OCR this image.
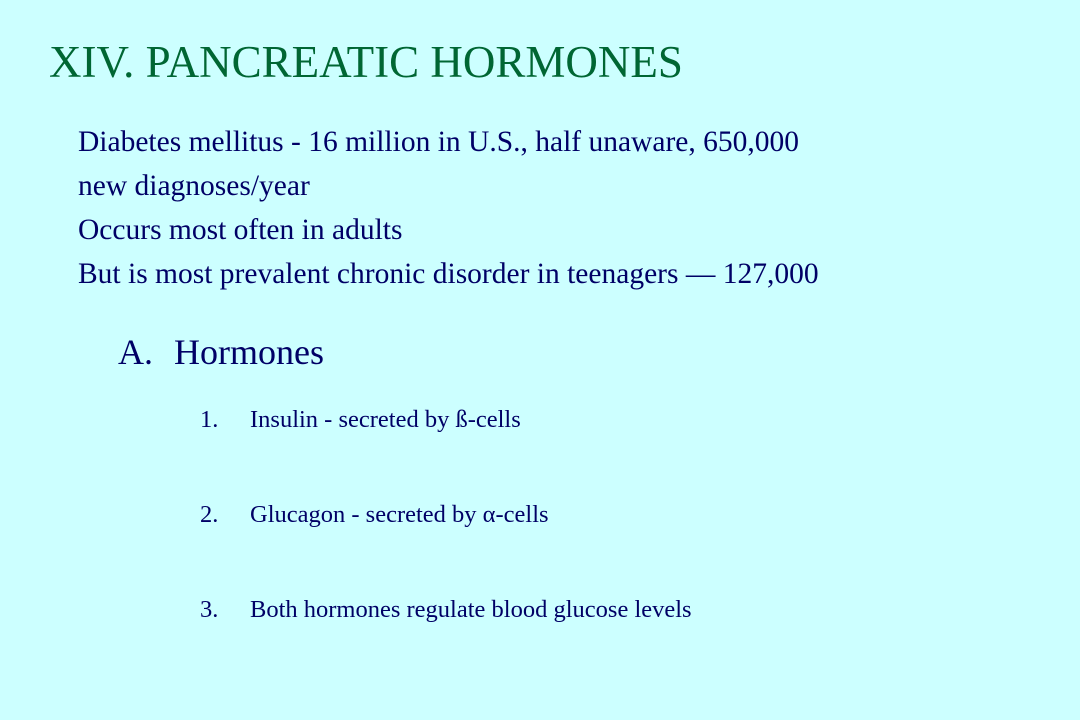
XIV. PANCREATIC HORMONES
Diabetes mellitus - 16 million in U.S., half unaware, 650,000
new diagnoses/year
Occurs most often in adults
But is most prevalent chronic disorder in teenagers — 127,000
A. Hormones
1. Insulin - secreted by ß-cells
2. Glucagon - secreted by α-cells
3. Both hormones regulate blood glucose levels
